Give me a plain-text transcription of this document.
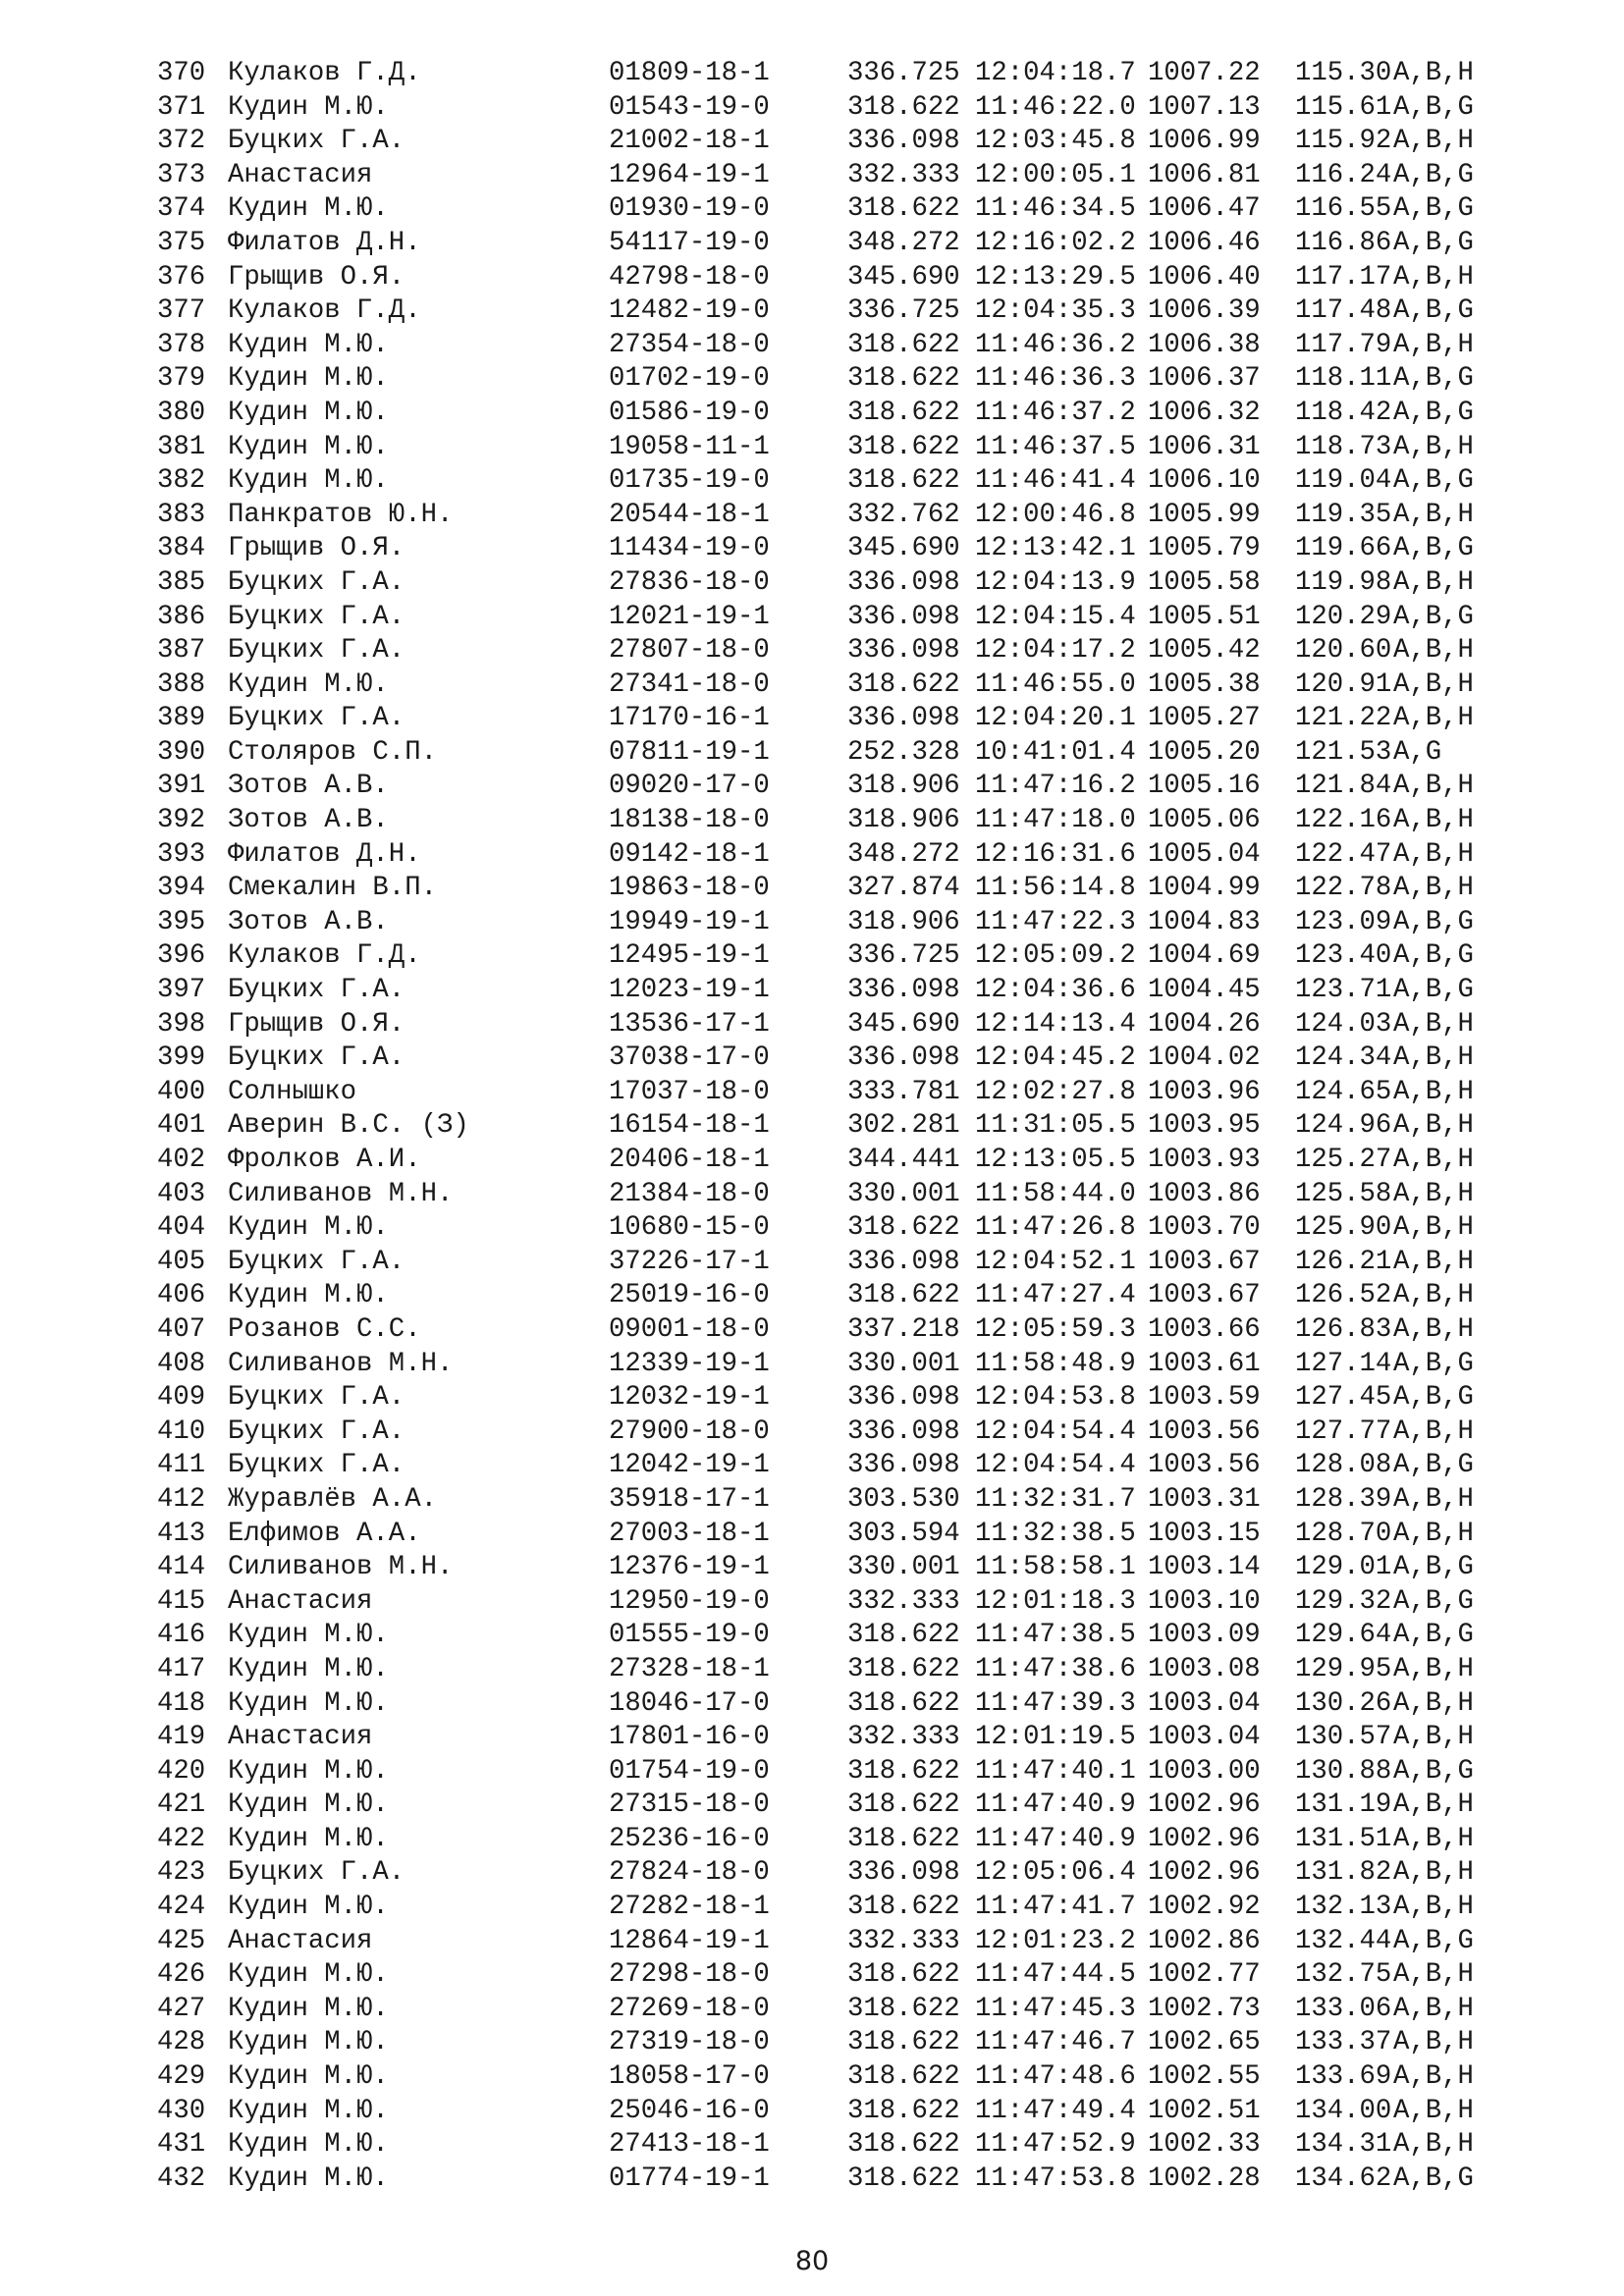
370	Кулаков Г.Д.	01809-18-1	336.725	12:04:18.7	1007.22	115.30	A,B,H
371	Кудин М.Ю.	01543-19-0	318.622	11:46:22.0	1007.13	115.61	A,B,G
372	Буцких Г.А.	21002-18-1	336.098	12:03:45.8	1006.99	115.92	A,B,H
373	Анастасия	12964-19-1	332.333	12:00:05.1	1006.81	116.24	A,B,G
374	Кудин М.Ю.	01930-19-0	318.622	11:46:34.5	1006.47	116.55	A,B,G
375	Филатов Д.Н.	54117-19-0	348.272	12:16:02.2	1006.46	116.86	A,B,G
376	Грыщив О.Я.	42798-18-0	345.690	12:13:29.5	1006.40	117.17	A,B,H
377	Кулаков Г.Д.	12482-19-0	336.725	12:04:35.3	1006.39	117.48	A,B,G
378	Кудин М.Ю.	27354-18-0	318.622	11:46:36.2	1006.38	117.79	A,B,H
379	Кудин М.Ю.	01702-19-0	318.622	11:46:36.3	1006.37	118.11	A,B,G
380	Кудин М.Ю.	01586-19-0	318.622	11:46:37.2	1006.32	118.42	A,B,G
381	Кудин М.Ю.	19058-11-1	318.622	11:46:37.5	1006.31	118.73	A,B,H
382	Кудин М.Ю.	01735-19-0	318.622	11:46:41.4	1006.10	119.04	A,B,G
383	Панкратов Ю.Н.	20544-18-1	332.762	12:00:46.8	1005.99	119.35	A,B,H
384	Грыщив О.Я.	11434-19-0	345.690	12:13:42.1	1005.79	119.66	A,B,G
385	Буцких Г.А.	27836-18-0	336.098	12:04:13.9	1005.58	119.98	A,B,H
386	Буцких Г.А.	12021-19-1	336.098	12:04:15.4	1005.51	120.29	A,B,G
387	Буцких Г.А.	27807-18-0	336.098	12:04:17.2	1005.42	120.60	A,B,H
388	Кудин М.Ю.	27341-18-0	318.622	11:46:55.0	1005.38	120.91	A,B,H
389	Буцких Г.А.	17170-16-1	336.098	12:04:20.1	1005.27	121.22	A,B,H
390	Столяров С.П.	07811-19-1	252.328	10:41:01.4	1005.20	121.53	A,G
391	Зотов А.В.	09020-17-0	318.906	11:47:16.2	1005.16	121.84	A,B,H
392	Зотов А.В.	18138-18-0	318.906	11:47:18.0	1005.06	122.16	A,B,H
393	Филатов Д.Н.	09142-18-1	348.272	12:16:31.6	1005.04	122.47	A,B,H
394	Смекалин В.П.	19863-18-0	327.874	11:56:14.8	1004.99	122.78	A,B,H
395	Зотов А.В.	19949-19-1	318.906	11:47:22.3	1004.83	123.09	A,B,G
396	Кулаков Г.Д.	12495-19-1	336.725	12:05:09.2	1004.69	123.40	A,B,G
397	Буцких Г.А.	12023-19-1	336.098	12:04:36.6	1004.45	123.71	A,B,G
398	Грыщив О.Я.	13536-17-1	345.690	12:14:13.4	1004.26	124.03	A,B,H
399	Буцких Г.А.	37038-17-0	336.098	12:04:45.2	1004.02	124.34	A,B,H
400	Солнышко	17037-18-0	333.781	12:02:27.8	1003.96	124.65	A,B,H
401	Аверин В.С. (З)	16154-18-1	302.281	11:31:05.5	1003.95	124.96	A,B,H
402	Фролков А.И.	20406-18-1	344.441	12:13:05.5	1003.93	125.27	A,B,H
403	Силиванов М.Н.	21384-18-0	330.001	11:58:44.0	1003.86	125.58	A,B,H
404	Кудин М.Ю.	10680-15-0	318.622	11:47:26.8	1003.70	125.90	A,B,H
405	Буцких Г.А.	37226-17-1	336.098	12:04:52.1	1003.67	126.21	A,B,H
406	Кудин М.Ю.	25019-16-0	318.622	11:47:27.4	1003.67	126.52	A,B,H
407	Розанов С.С.	09001-18-0	337.218	12:05:59.3	1003.66	126.83	A,B,H
408	Силиванов М.Н.	12339-19-1	330.001	11:58:48.9	1003.61	127.14	A,B,G
409	Буцких Г.А.	12032-19-1	336.098	12:04:53.8	1003.59	127.45	A,B,G
410	Буцких Г.А.	27900-18-0	336.098	12:04:54.4	1003.56	127.77	A,B,H
411	Буцких Г.А.	12042-19-1	336.098	12:04:54.4	1003.56	128.08	A,B,G
412	Журавлёв А.А.	35918-17-1	303.530	11:32:31.7	1003.31	128.39	A,B,H
413	Елфимов А.А.	27003-18-1	303.594	11:32:38.5	1003.15	128.70	A,B,H
414	Силиванов М.Н.	12376-19-1	330.001	11:58:58.1	1003.14	129.01	A,B,G
415	Анастасия	12950-19-0	332.333	12:01:18.3	1003.10	129.32	A,B,G
416	Кудин М.Ю.	01555-19-0	318.622	11:47:38.5	1003.09	129.64	A,B,G
417	Кудин М.Ю.	27328-18-1	318.622	11:47:38.6	1003.08	129.95	A,B,H
418	Кудин М.Ю.	18046-17-0	318.622	11:47:39.3	1003.04	130.26	A,B,H
419	Анастасия	17801-16-0	332.333	12:01:19.5	1003.04	130.57	A,B,H
420	Кудин М.Ю.	01754-19-0	318.622	11:47:40.1	1003.00	130.88	A,B,G
421	Кудин М.Ю.	27315-18-0	318.622	11:47:40.9	1002.96	131.19	A,B,H
422	Кудин М.Ю.	25236-16-0	318.622	11:47:40.9	1002.96	131.51	A,B,H
423	Буцких Г.А.	27824-18-0	336.098	12:05:06.4	1002.96	131.82	A,B,H
424	Кудин М.Ю.	27282-18-1	318.622	11:47:41.7	1002.92	132.13	A,B,H
425	Анастасия	12864-19-1	332.333	12:01:23.2	1002.86	132.44	A,B,G
426	Кудин М.Ю.	27298-18-0	318.622	11:47:44.5	1002.77	132.75	A,B,H
427	Кудин М.Ю.	27269-18-0	318.622	11:47:45.3	1002.73	133.06	A,B,H
428	Кудин М.Ю.	27319-18-0	318.622	11:47:46.7	1002.65	133.37	A,B,H
429	Кудин М.Ю.	18058-17-0	318.622	11:47:48.6	1002.55	133.69	A,B,H
430	Кудин М.Ю.	25046-16-0	318.622	11:47:49.4	1002.51	134.00	A,B,H
431	Кудин М.Ю.	27413-18-1	318.622	11:47:52.9	1002.33	134.31	A,B,H
432	Кудин М.Ю.	01774-19-1	318.622	11:47:53.8	1002.28	134.62	A,B,G
80
